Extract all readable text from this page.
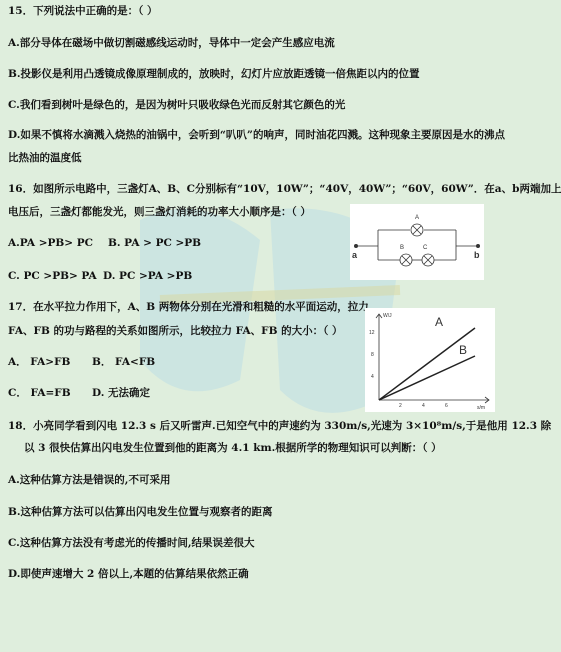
15．下列说法中正确的是：（ ）
A.部分导体在磁场中做切割磁感线运动时，导体中一定会产生感应电流
B.投影仪是利用凸透镜成像原理制成的，放映时，幻灯片应放距透镜一倍焦距以内的位置
C.我们看到树叶是绿色的，是因为树叶只吸收绿色光而反射其它颜色的光
D.如果不慎将水滴溅入烧热的油锅中，会听到“叭叭”的响声，同时油花四溅。这种现象主要原因是水的沸点
比热油的温度低
16．如图所示电路中，三盏灯A、B、C分别标有“10V，10W”；“40V，40W”；“60V，60W”．在a、b两端加上
电压后，三盏灯都能发光，则三盏灯消耗的功率大小顺序是：（ ）
A.PA >PB> PC B. PA > PC >PB
C. PC >PB> PA D. PC >PA >PB
A
B	C
a	b
17．在水平拉力作用下，A、B 两物体分别在光滑和粗糙的水平面运动，拉力
FA、FB 的功与路程的关系如图所示，比较拉力 FA、FB 的大小：（ ）
A． FA>FB B． FA<FB
C． FA=FB D. 无法确定
W/J
s/m
12
8
4
2	4	6
A
B
18．小亮同学看到闪电 12.3 s 后又听雷声.已知空气中的声速约为 330m/s,光速为 3×10⁸m/s,于是他用 12.3 除
以 3 很快估算出闪电发生位置到他的距离为 4.1 km.根据所学的物理知识可以判断：（ ）
A.这种估算方法是错误的,不可采用
B.这种估算方法可以估算出闪电发生位置与观察者的距离
C.这种估算方法没有考虑光的传播时间,结果误差很大
D.即使声速增大 2 倍以上,本题的估算结果依然正确
